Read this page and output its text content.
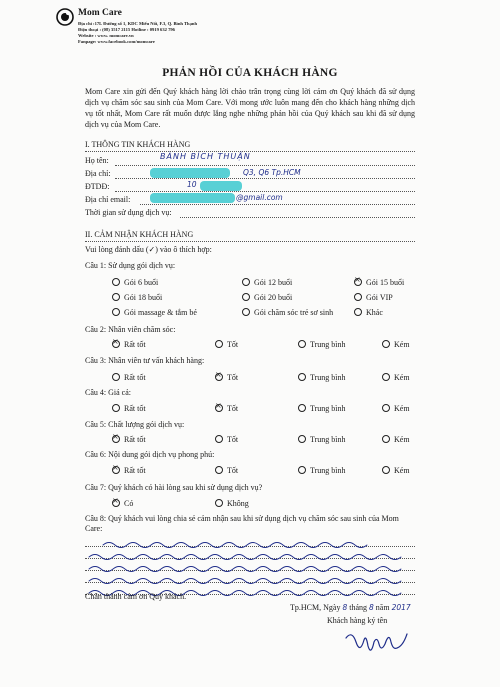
Mom Care
Địa chỉ :17L Đường số 1, KDC Miếu Nổi, F.3, Q. Bình Thạnh
Điện thoại : (08) 3517 2115 Hotline : 0919 632 796
Website : www. momcare.vn
Fanpage: www.facebook.com/momcare
PHẢN HỒI CỦA KHÁCH HÀNG
Mom Care xin gửi đến Quý khách hàng lời chào trân trọng cùng lời cảm ơn Quý khách đã sử dụng dịch vụ chăm sóc sau sinh của Mom Care. Với mong ước luôn mang đến cho khách hàng những dịch vụ tốt nhất, Mom Care rất muốn được lắng nghe những phản hồi của Quý khách sau khi đã sử dụng dịch vụ của Mom Care.
I. THÔNG TIN KHÁCH HÀNG
Họ tên:	BÀNH BÍCH THUẬN
Địa chỉ:	Q3, Q6 Tp.HCM
ĐTDĐ:	10
Địa chỉ email:	@gmail.com
Thời gian sử dụng dịch vụ:
II. CẢM NHẬN KHÁCH HÀNG
Vui lòng đánh dấu (✓) vào ô thích hợp:
Câu 1: Sử dụng gói dịch vụ:
Gói 6 buổi	Gói 12 buổi ×	Gói 15 buổi
Gói 18 buổi	Gói 20 buổi	Gói VIP
Gói massage & tắm bé	Gói chăm sóc trẻ sơ sinh	Khác
Câu 2: Nhân viên chăm sóc:
×Rất tốt	Tốt	Trung bình	Kém
Câu 3: Nhân viên tư vấn khách hàng:
Rất tốt ×	Tốt	Trung bình	Kém
Câu 4: Giá cả:
Rất tốt ×	Tốt	Trung bình	Kém
Câu 5: Chất lượng gói dịch vụ:
×Rất tốt	Tốt	Trung bình	Kém
Câu 6: Nội dung gói dịch vụ phong phú:
×Rất tốt	Tốt	Trung bình	Kém
Câu 7: Quý khách có hài lòng sau khi sử dụng dịch vụ?
×Có	Không
Câu 8: Quý khách vui lòng chia sẻ cảm nhận sau khi sử dụng dịch vụ chăm sóc sau sinh của Mom Care:
Chân thành cảm ơn Quý khách.
Tp.HCM, Ngày 8 tháng 8 năm 2017
Khách hàng ký tên
